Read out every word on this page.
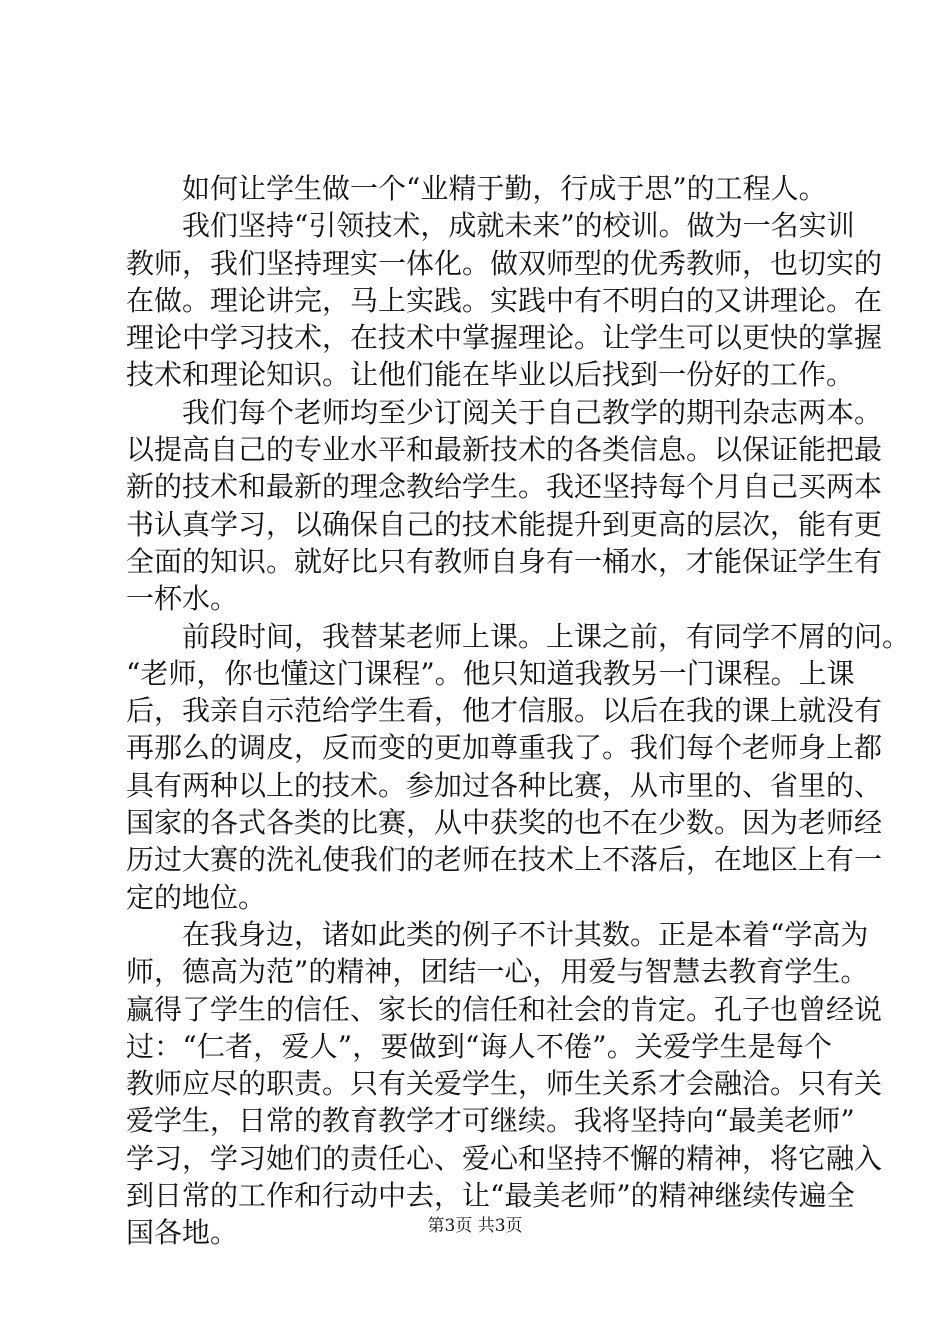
如何让学生做一个“业精于勤，行成于思”的工程人。
我们坚持“引领技术，成就未来”的校训。做为一名实训
教师，我们坚持理实一体化。做双师型的优秀教师，也切实的
在做。理论讲完，马上实践。实践中有不明白的又讲理论。在
理论中学习技术，在技术中掌握理论。让学生可以更快的掌握
技术和理论知识。让他们能在毕业以后找到一份好的工作。
我们每个老师均至少订阅关于自己教学的期刊杂志两本。
以提高自己的专业水平和最新技术的各类信息。以保证能把最
新的技术和最新的理念教给学生。我还坚持每个月自己买两本
书认真学习，以确保自己的技术能提升到更高的层次，能有更
全面的知识。就好比只有教师自身有一桶水，才能保证学生有
一杯水。
前段时间，我替某老师上课。上课之前，有同学不屑的问。
“老师，你也懂这门课程”。他只知道我教另一门课程。上课
后，我亲自示范给学生看，他才信服。以后在我的课上就没有
再那么的调皮，反而变的更加尊重我了。我们每个老师身上都
具有两种以上的技术。参加过各种比赛，从市里的、省里的、
国家的各式各类的比赛，从中获奖的也不在少数。因为老师经
历过大赛的洗礼使我们的老师在技术上不落后，在地区上有一
定的地位。
在我身边，诸如此类的例子不计其数。正是本着“学高为
师，德高为范”的精神，团结一心，用爱与智慧去教育学生。
赢得了学生的信任、家长的信任和社会的肯定。孔子也曾经说
过：“仁者，爱人”，要做到“诲人不倦”。关爱学生是每个
教师应尽的职责。只有关爱学生，师生关系才会融洽。只有关
爱学生，日常的教育教学才可继续。我将坚持向“最美老师”
学习，学习她们的责任心、爱心和坚持不懈的精神，将它融入
到日常的工作和行动中去，让“最美老师”的精神继续传遍全
国各地。	第3页 共3页
